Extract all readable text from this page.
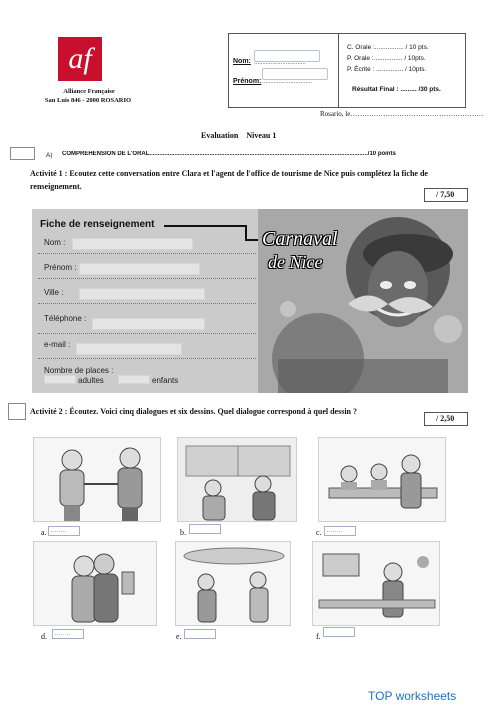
af
Alliance Française
San Luis 846 - 2000 ROSARIO
Nom: ...............................
Prénom: ..............................
C. Orale :................ / 10 pts.
P. Orale :................ / 10pts.
P. Écrite : ............... / 10pts.
Résultat Final : ......... /30 pts.
Rosario, le…………………………………………………
Evaluation    Niveau 1
A) COMPRÉHENSION DE L'ORAL.................................................................................................................................../10 points
Activité 1 : Ecoutez cette conversation entre Clara et l'agent de l'office de tourisme de Nice puis complétez la fiche de renseignement.
/ 7,50
Fiche de renseignement
Carnaval
de Nice
Nom :
Prénom :
Ville :
Téléphone :
e-mail :
Nombre de places :
adultes	enfants
Activité 2 : Écoutez. Voici cinq dialogues et six dessins. Quel dialogue correspond à quel dessin ?
/ 2,50
a. ........	b.	c. ........
d.	........	e.	f.
TOP worksheets
